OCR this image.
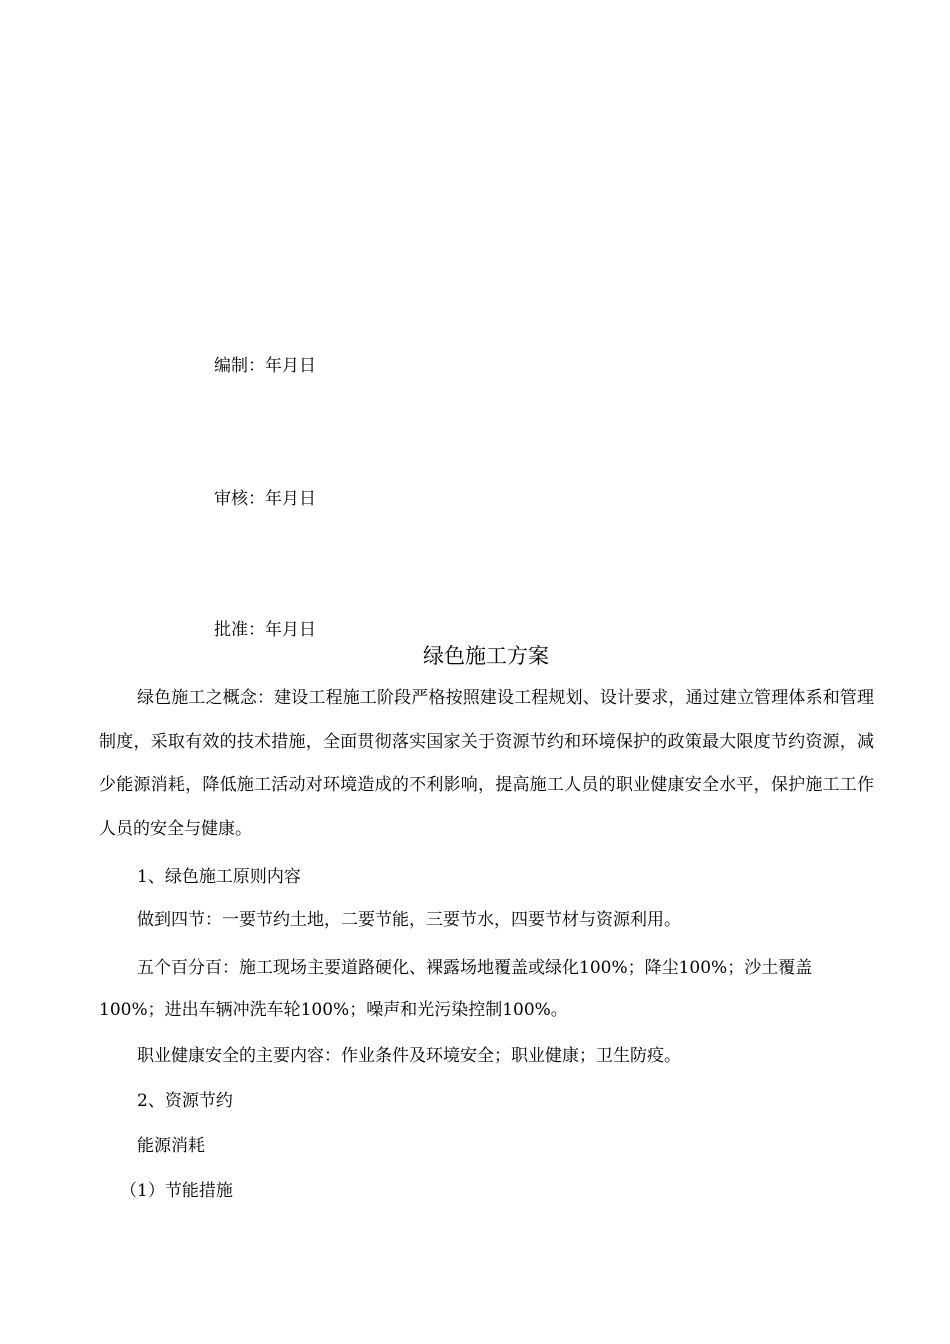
编制：年月日
审核：年月日
批准：年月日
绿色施工方案
绿色施工之概念：建设工程施工阶段严格按照建设工程规划、设计要求，通过建立管理体系和管理制度，采取有效的技术措施，全面贯彻落实国家关于资源节约和环境保护的政策最大限度节约资源，减少能源消耗，降低施工活动对环境造成的不利影响，提高施工人员的职业健康安全水平，保护施工工作人员的安全与健康。
1、绿色施工原则内容
做到四节：一要节约土地，二要节能，三要节水，四要节材与资源利用。
五个百分百：施工现场主要道路硬化、裸露场地覆盖或绿化100%；降尘100%；沙土覆盖
100%；进出车辆冲洗车轮100%；噪声和光污染控制100%。
职业健康安全的主要内容：作业条件及环境安全；职业健康；卫生防疫。
2、资源节约
能源消耗
（1）节能措施
